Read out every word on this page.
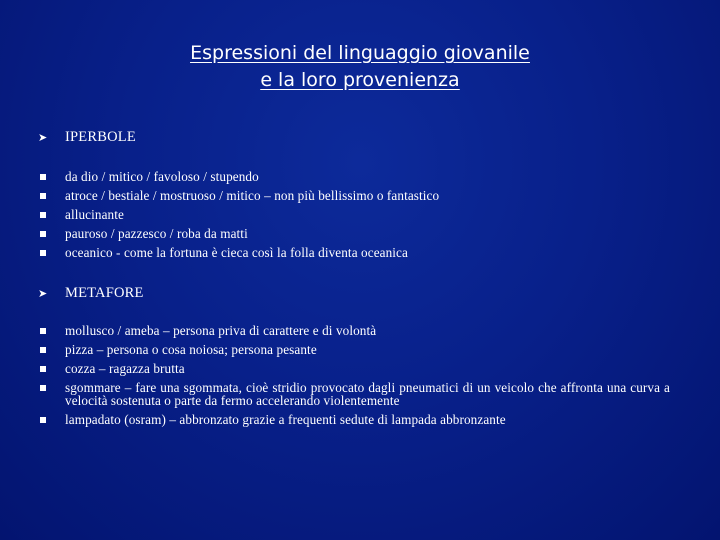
Espressioni del linguaggio giovanile
e la loro provenienza
➤	IPERBOLE
da dio / mitico / favoloso / stupendo
atroce / bestiale / mostruoso / mitico – non più bellissimo o fantastico
allucinante
pauroso / pazzesco / roba da matti
oceanico - come la fortuna è cieca così la folla diventa oceanica
➤	METAFORE
mollusco / ameba – persona priva di carattere e di volontà
pizza – persona o cosa noiosa; persona pesante
cozza – ragazza brutta
sgommare – fare una sgommata, cioè stridio provocato dagli pneumatici di un veicolo che affronta una curva a velocità sostenuta o parte da fermo accelerando violentemente
lampadato (osram) – abbronzato grazie a frequenti sedute di lampada abbronzante
